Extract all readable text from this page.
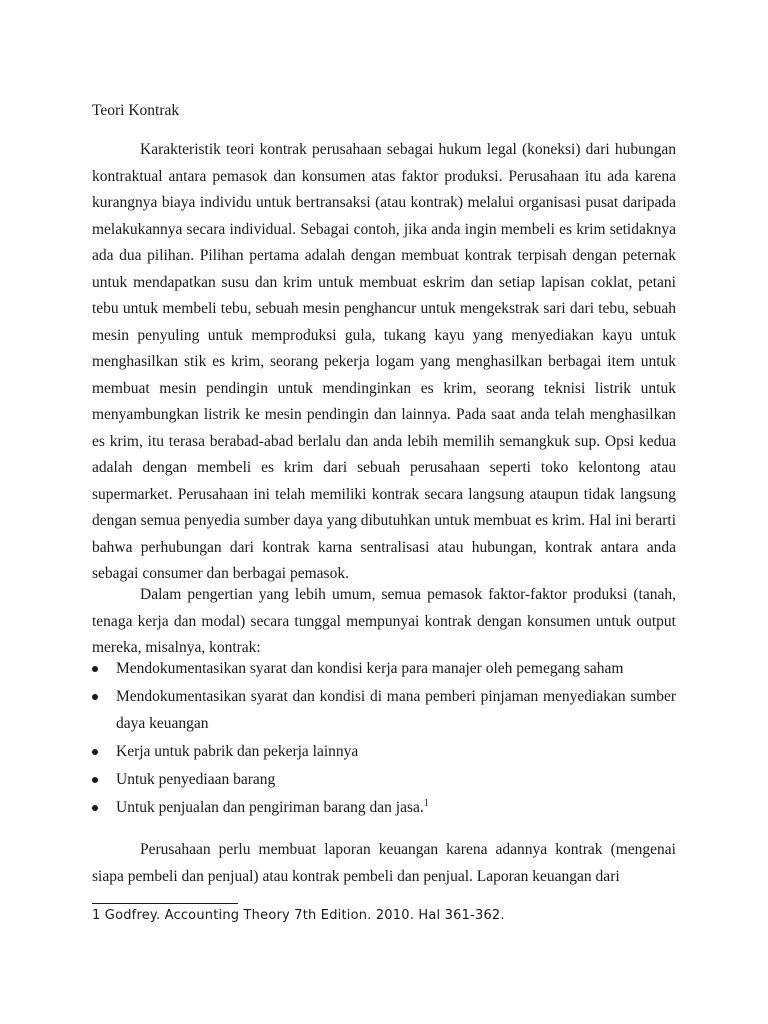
Teori Kontrak

Karakteristik teori kontrak perusahaan sebagai hukum legal (koneksi) dari hubungan kontraktual antara pemasok dan konsumen atas faktor produksi. Perusahaan itu ada karena kurangnya biaya individu untuk bertransaksi (atau kontrak) melalui organisasi pusat daripada melakukannya secara individual. Sebagai contoh, jika anda ingin membeli es krim setidaknya ada dua pilihan. Pilihan pertama adalah dengan membuat kontrak terpisah dengan peternak untuk mendapatkan susu dan krim untuk membuat eskrim dan setiap lapisan coklat, petani tebu untuk membeli tebu, sebuah mesin penghancur untuk mengekstrak sari dari tebu, sebuah mesin penyuling untuk memproduksi gula, tukang kayu yang menyediakan kayu untuk menghasilkan stik es krim, seorang pekerja logam yang menghasilkan berbagai item untuk membuat mesin pendingin untuk mendinginkan es krim, seorang teknisi listrik untuk menyambungkan listrik ke mesin pendingin dan lainnya. Pada saat anda telah menghasilkan es krim, itu terasa berabad-abad berlalu dan anda lebih memilih semangkuk sup. Opsi kedua adalah dengan membeli es krim dari sebuah perusahaan seperti toko kelontong atau supermarket. Perusahaan ini telah memiliki kontrak secara langsung ataupun tidak langsung dengan semua penyedia sumber daya yang dibutuhkan untuk membuat es krim. Hal ini berarti bahwa perhubungan dari kontrak karna sentralisasi atau hubungan, kontrak antara anda sebagai consumer dan berbagai pemasok.

Dalam pengertian yang lebih umum, semua pemasok faktor-faktor produksi (tanah, tenaga kerja dan modal) secara tunggal mempunyai kontrak dengan konsumen untuk output mereka, misalnya, kontrak:

Mendokumentasikan syarat dan kondisi kerja para manajer oleh pemegang saham
Mendokumentasikan syarat dan kondisi di mana pemberi pinjaman menyediakan sumber daya keuangan
Kerja untuk pabrik dan pekerja lainnya
Untuk penyediaan barang
Untuk penjualan dan pengiriman barang dan jasa.$^1$

Perusahaan perlu membuat laporan keuangan karena adannya kontrak (mengenai siapa pembeli dan penjual) atau kontrak pembeli dan penjual. Laporan keuangan dari

1 Godfrey. Accounting Theory 7th Edition. 2010. Hal 361-362.
